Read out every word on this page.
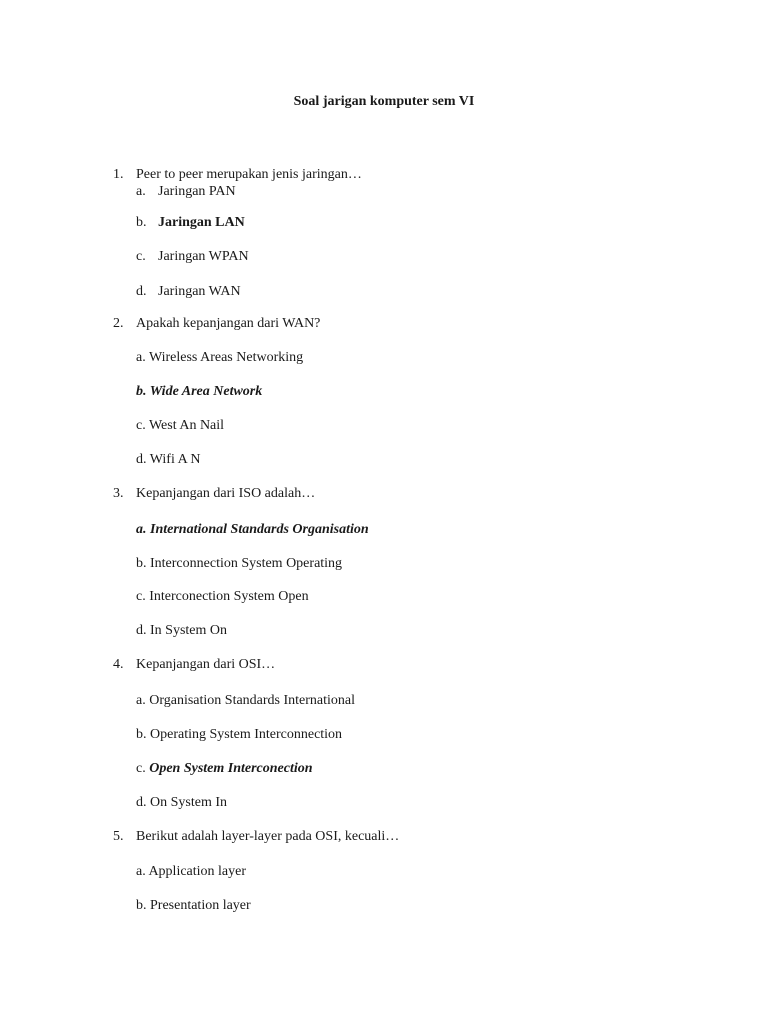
Soal jarigan komputer sem VI
1. Peer to peer merupakan jenis jaringan…
a. Jaringan PAN
b. Jaringan LAN
c. Jaringan WPAN
d. Jaringan WAN
2. Apakah kepanjangan dari WAN?
a. Wireless Areas Networking
b. Wide Area Network
c. West An Nail
d. Wifi A N
3. Kepanjangan dari ISO adalah…
a. International Standards Organisation
b. Interconnection System Operating
c. Interconection System Open
d. In System On
4. Kepanjangan dari OSI…
a. Organisation Standards International
b. Operating System Interconnection
c. Open System Interconection
d. On System In
5. Berikut adalah layer-layer pada OSI, kecuali…
a. Application layer
b. Presentation layer
